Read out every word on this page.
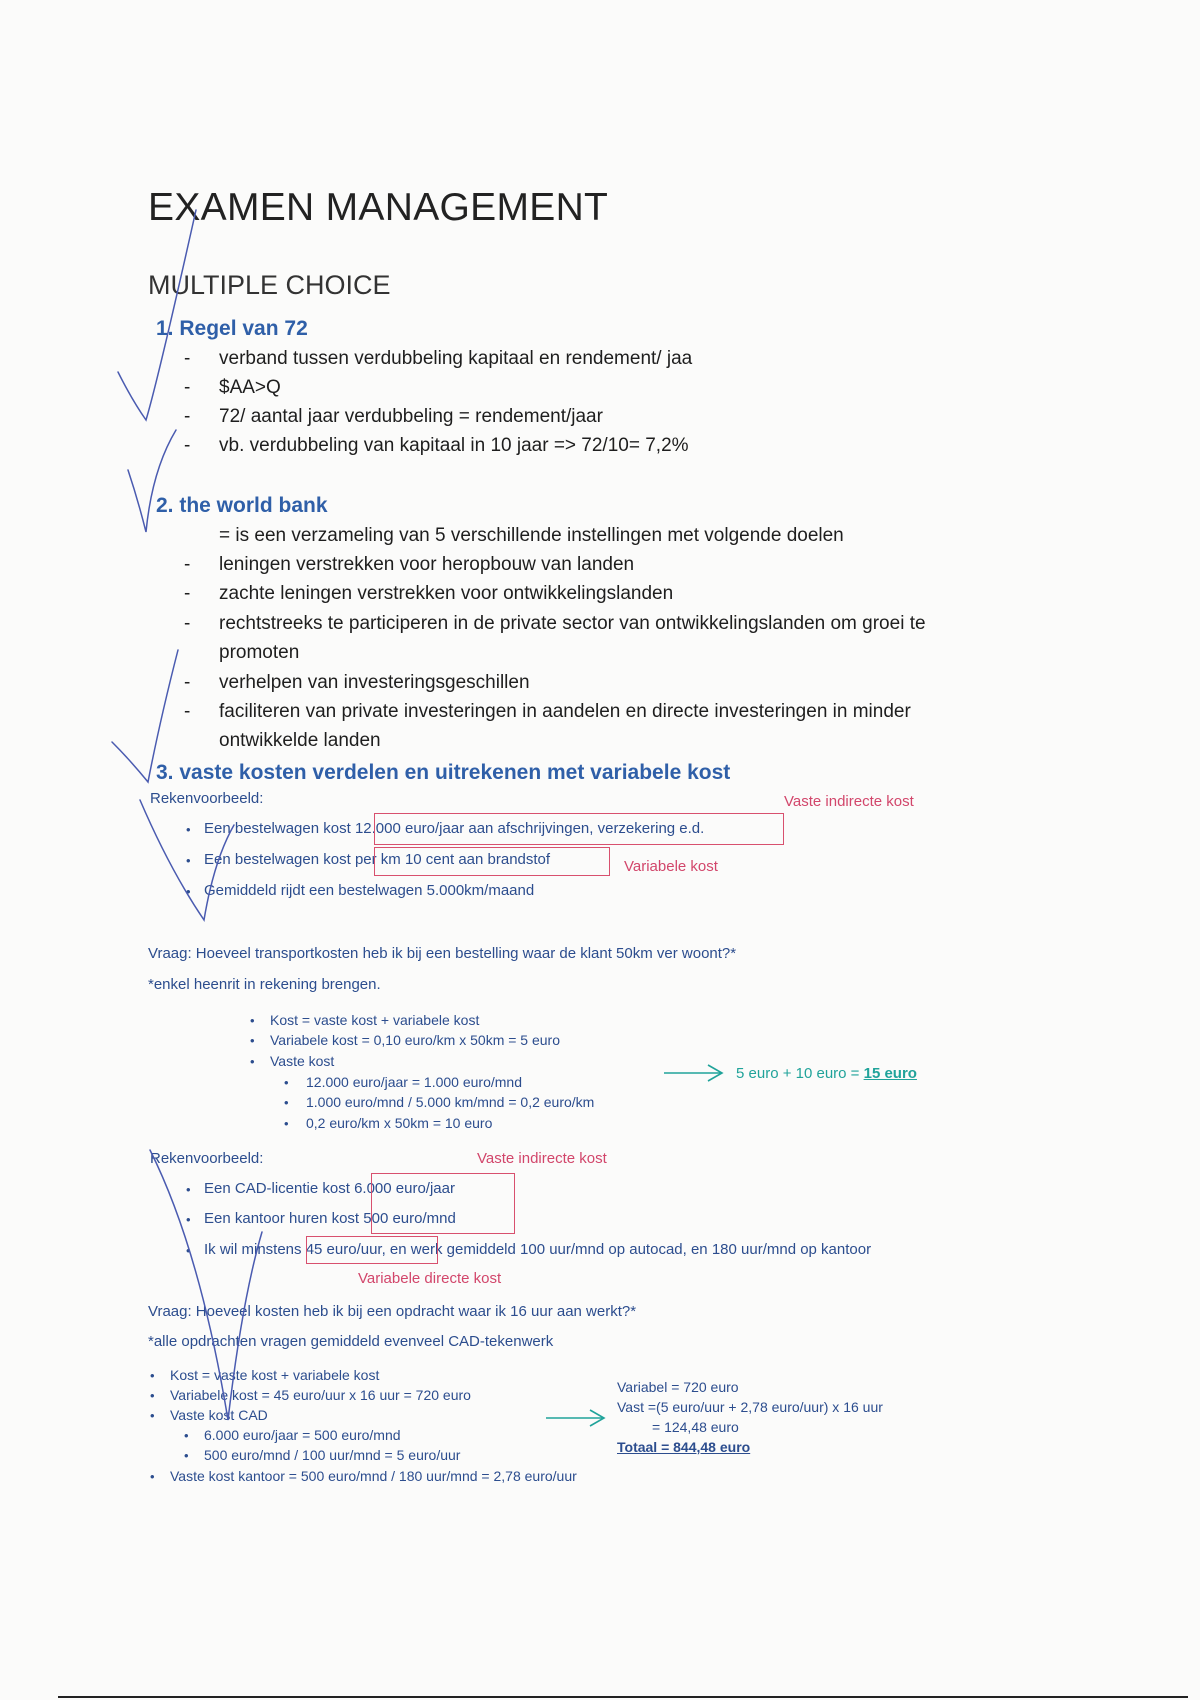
EXAMEN MANAGEMENT
MULTIPLE CHOICE
1. Regel van 72
- verband tussen verdubbeling kapitaal en rendement/ jaa
- $AA>Q
- 72/ aantal jaar verdubbeling = rendement/jaar
- vb. verdubbeling van kapitaal in 10 jaar => 72/10= 7,2%
2. the world bank
= is een verzameling van 5 verschillende instellingen met volgende doelen
- leningen verstrekken voor heropbouw van landen
- zachte leningen verstrekken voor ontwikkelingslanden
- rechtstreeks te participeren in de private sector van ontwikkelingslanden om groei te
promoten
- verhelpen van investeringsgeschillen
- faciliteren van private investeringen in aandelen en directe investeringen in minder
ontwikkelde landen
3. vaste kosten verdelen en uitrekenen met variabele kost
Rekenvoorbeeld:	Vaste indirecte kost
• Een bestelwagen kost 12.000 euro/jaar aan afschrijvingen, verzekering e.d.
• Een bestelwagen kost per km 10 cent aan brandstof	Variabele kost
• Gemiddeld rijdt een bestelwagen 5.000km/maand
Vraag: Hoeveel transportkosten heb ik bij een bestelling waar de klant 50km ver woont?*
*enkel heenrit in rekening brengen.
• Kost = vaste kost + variabele kost
• Variabele kost = 0,10 euro/km x 50km = 5 euro
• Vaste kost
• 12.000 euro/jaar = 1.000 euro/mnd
• 1.000 euro/mnd / 5.000 km/mnd = 0,2 euro/km
• 0,2 euro/km x 50km = 10 euro
5 euro + 10 euro = 15 euro
Rekenvoorbeeld:	Vaste indirecte kost
• Een CAD-licentie kost 6.000 euro/jaar
• Een kantoor huren kost 500 euro/mnd
• Ik wil minstens 45 euro/uur, en werk gemiddeld 100 uur/mnd op autocad, en 180 uur/mnd op kantoor
Variabele directe kost
Vraag: Hoeveel kosten heb ik bij een opdracht waar ik 16 uur aan werkt?*
*alle opdrachten vragen gemiddeld evenveel CAD-tekenwerk
• Kost = vaste kost + variabele kost
• Variabele kost = 45 euro/uur x 16 uur = 720 euro
• Vaste kost CAD
• 6.000 euro/jaar = 500 euro/mnd
• 500 euro/mnd / 100 uur/mnd = 5 euro/uur
• Vaste kost kantoor = 500 euro/mnd / 180 uur/mnd = 2,78 euro/uur
Variabel = 720 euro
Vast =(5 euro/uur + 2,78 euro/uur) x 16 uur
= 124,48 euro
Totaal = 844,48 euro
